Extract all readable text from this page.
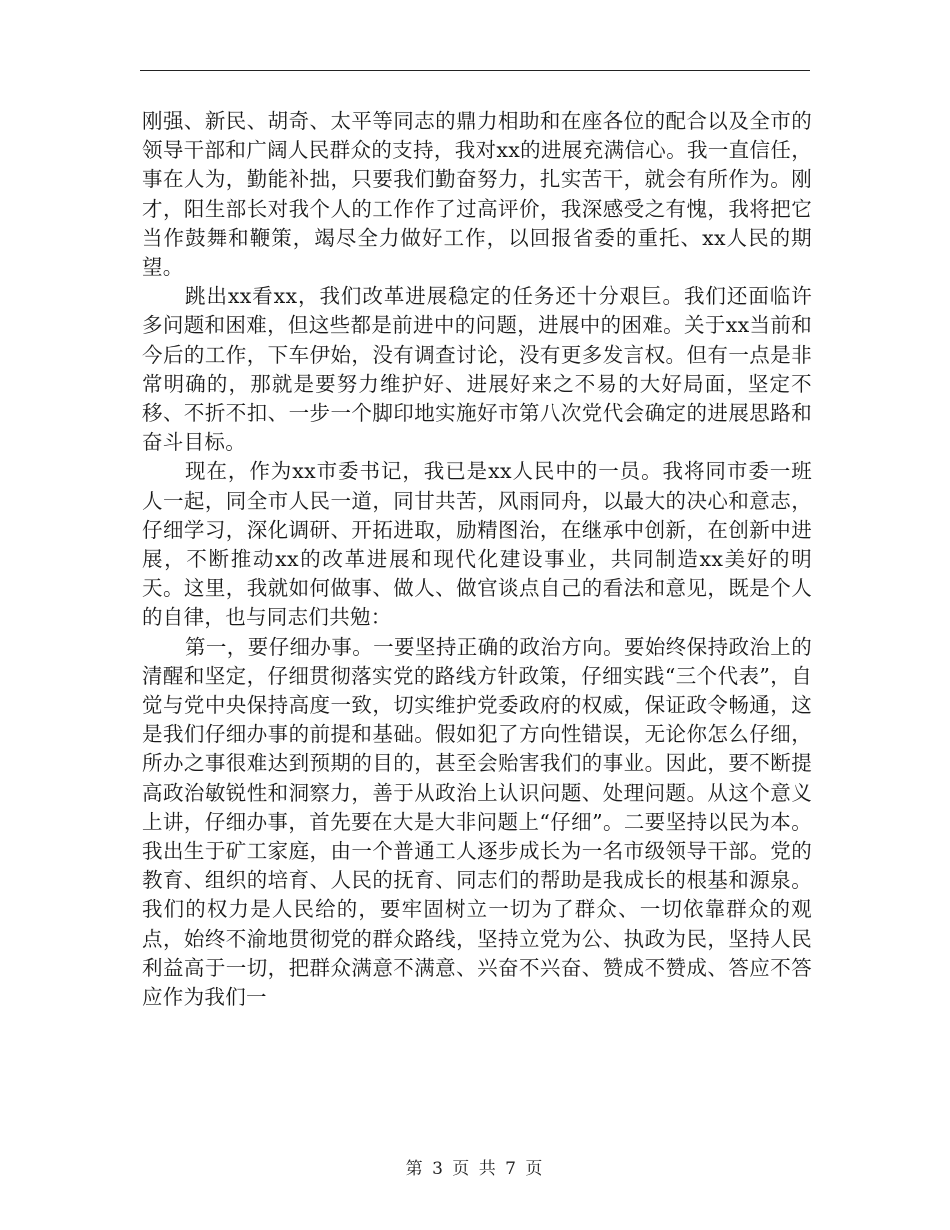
刚强、新民、胡奇、太平等同志的鼎力相助和在座各位的配合以及全市的领导干部和广阔人民群众的支持，我对xx的进展充满信心。我一直信任，事在人为，勤能补拙，只要我们勤奋努力，扎实苦干，就会有所作为。刚才，阳生部长对我个人的工作作了过高评价，我深感受之有愧，我将把它当作鼓舞和鞭策，竭尽全力做好工作，以回报省委的重托、xx人民的期望。

跳出xx看xx，我们改革进展稳定的任务还十分艰巨。我们还面临许多问题和困难，但这些都是前进中的问题，进展中的困难。关于xx当前和今后的工作，下车伊始，没有调查讨论，没有更多发言权。但有一点是非常明确的，那就是要努力维护好、进展好来之不易的大好局面，坚定不移、不折不扣、一步一个脚印地实施好市第八次党代会确定的进展思路和奋斗目标。

现在，作为xx市委书记，我已是xx人民中的一员。我将同市委一班人一起，同全市人民一道，同甘共苦，风雨同舟，以最大的决心和意志，仔细学习，深化调研、开拓进取，励精图治，在继承中创新，在创新中进展，不断推动xx的改革进展和现代化建设事业，共同制造xx美好的明天。这里，我就如何做事、做人、做官谈点自己的看法和意见，既是个人的自律，也与同志们共勉：

第一，要仔细办事。一要坚持正确的政治方向。要始终保持政治上的清醒和坚定，仔细贯彻落实党的路线方针政策，仔细实践“三个代表”，自觉与党中央保持高度一致，切实维护党委政府的权威，保证政令畅通，这是我们仔细办事的前提和基础。假如犯了方向性错误，无论你怎么仔细，所办之事很难达到预期的目的，甚至会贻害我们的事业。因此，要不断提高政治敏锐性和洞察力，善于从政治上认识问题、处理问题。从这个意义上讲，仔细办事，首先要在大是大非问题上“仔细”。二要坚持以民为本。我出生于矿工家庭，由一个普通工人逐步成长为一名市级领导干部。党的教育、组织的培育、人民的抚育、同志们的帮助是我成长的根基和源泉。我们的权力是人民给的，要牢固树立一切为了群众、一切依靠群众的观点，始终不渝地贯彻党的群众路线，坚持立党为公、执政为民，坚持人民利益高于一切，把群众满意不满意、兴奋不兴奋、赞成不赞成、答应不答应作为我们一

第 3 页 共 7 页
